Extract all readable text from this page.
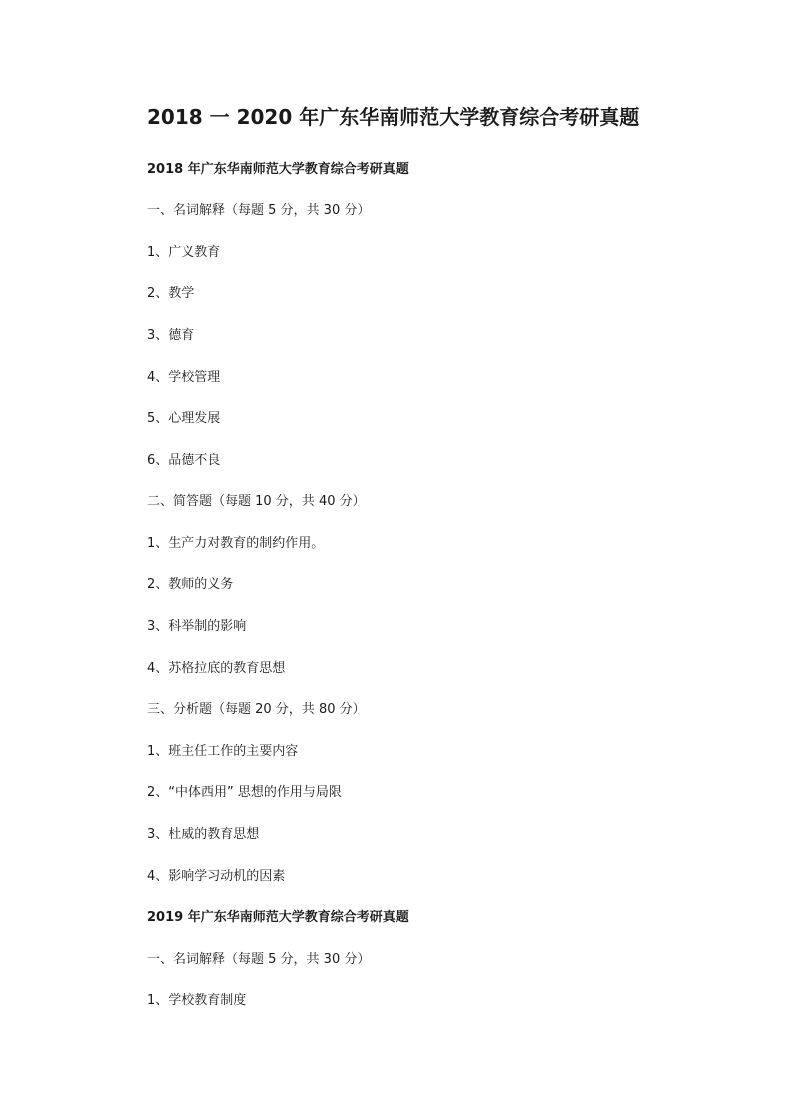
2018 一 2020 年广东华南师范大学教育综合考研真题
2018 年广东华南师范大学教育综合考研真题
一、名词解释（每题 5 分，共 30 分）
1、广义教育
2、教学
3、德育
4、学校管理
5、心理发展
6、品德不良
二、简答题（每题 10 分，共 40 分）
1、生产力对教育的制约作用。
2、教师的义务
3、科举制的影响
4、苏格拉底的教育思想
三、分析题（每题 20 分，共 80 分）
1、班主任工作的主要内容
2、“中体西用” 思想的作用与局限
3、杜威的教育思想
4、影响学习动机的因素
2019 年广东华南师范大学教育综合考研真题
一、名词解释（每题 5 分，共 30 分）
1、学校教育制度
